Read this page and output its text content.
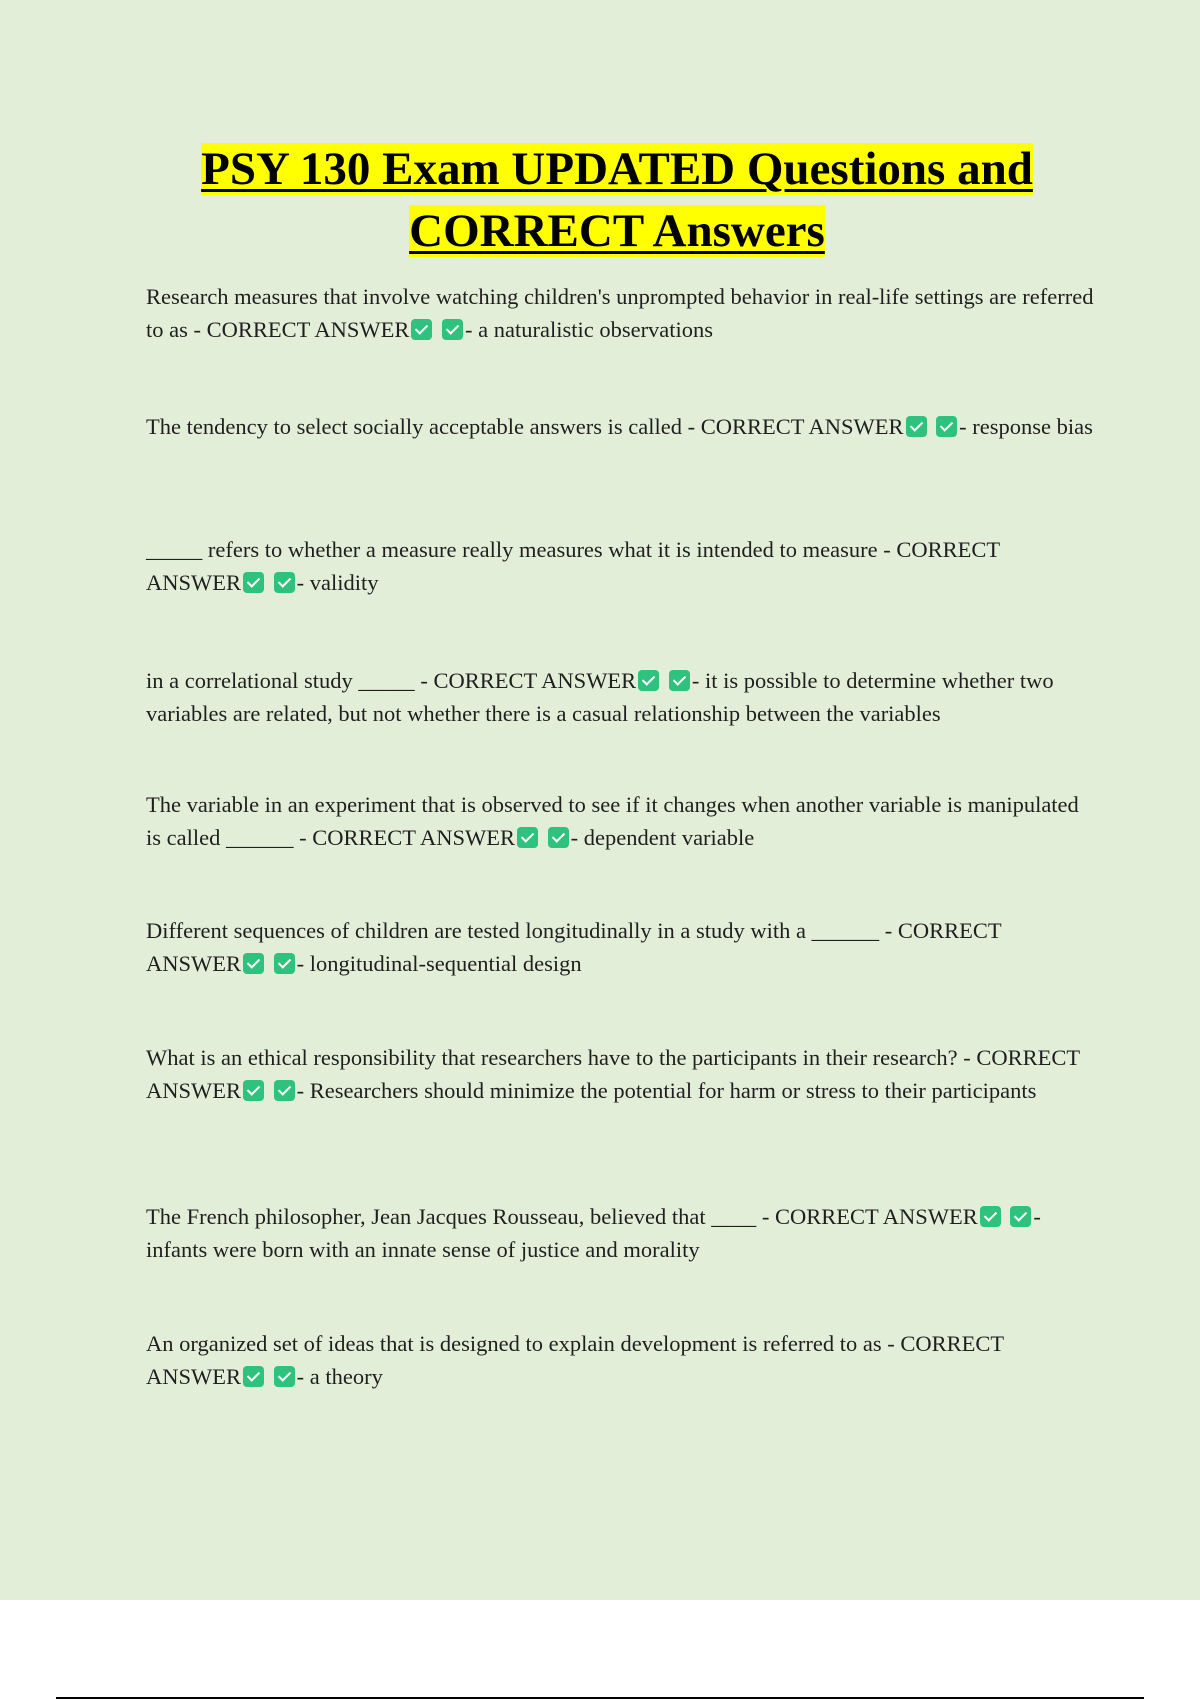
PSY 130 Exam UPDATED Questions and CORRECT Answers

Research measures that involve watching children's unprompted behavior in real-life settings are referred to as - CORRECT ANSWER - a naturalistic observations

The tendency to select socially acceptable answers is called - CORRECT ANSWER - response bias

_____ refers to whether a measure really measures what it is intended to measure - CORRECT ANSWER - validity

in a correlational study _____ - CORRECT ANSWER - it is possible to determine whether two variables are related, but not whether there is a casual relationship between the variables

The variable in an experiment that is observed to see if it changes when another variable is manipulated is called ______ - CORRECT ANSWER - dependent variable

Different sequences of children are tested longitudinally in a study with a ______ - CORRECT ANSWER - longitudinal-sequential design

What is an ethical responsibility that researchers have to the participants in their research? - CORRECT ANSWER - Researchers should minimize the potential for harm or stress to their participants

The French philosopher, Jean Jacques Rousseau, believed that ____ - CORRECT ANSWER - infants were born with an innate sense of justice and morality

An organized set of ideas that is designed to explain development is referred to as - CORRECT ANSWER - a theory
